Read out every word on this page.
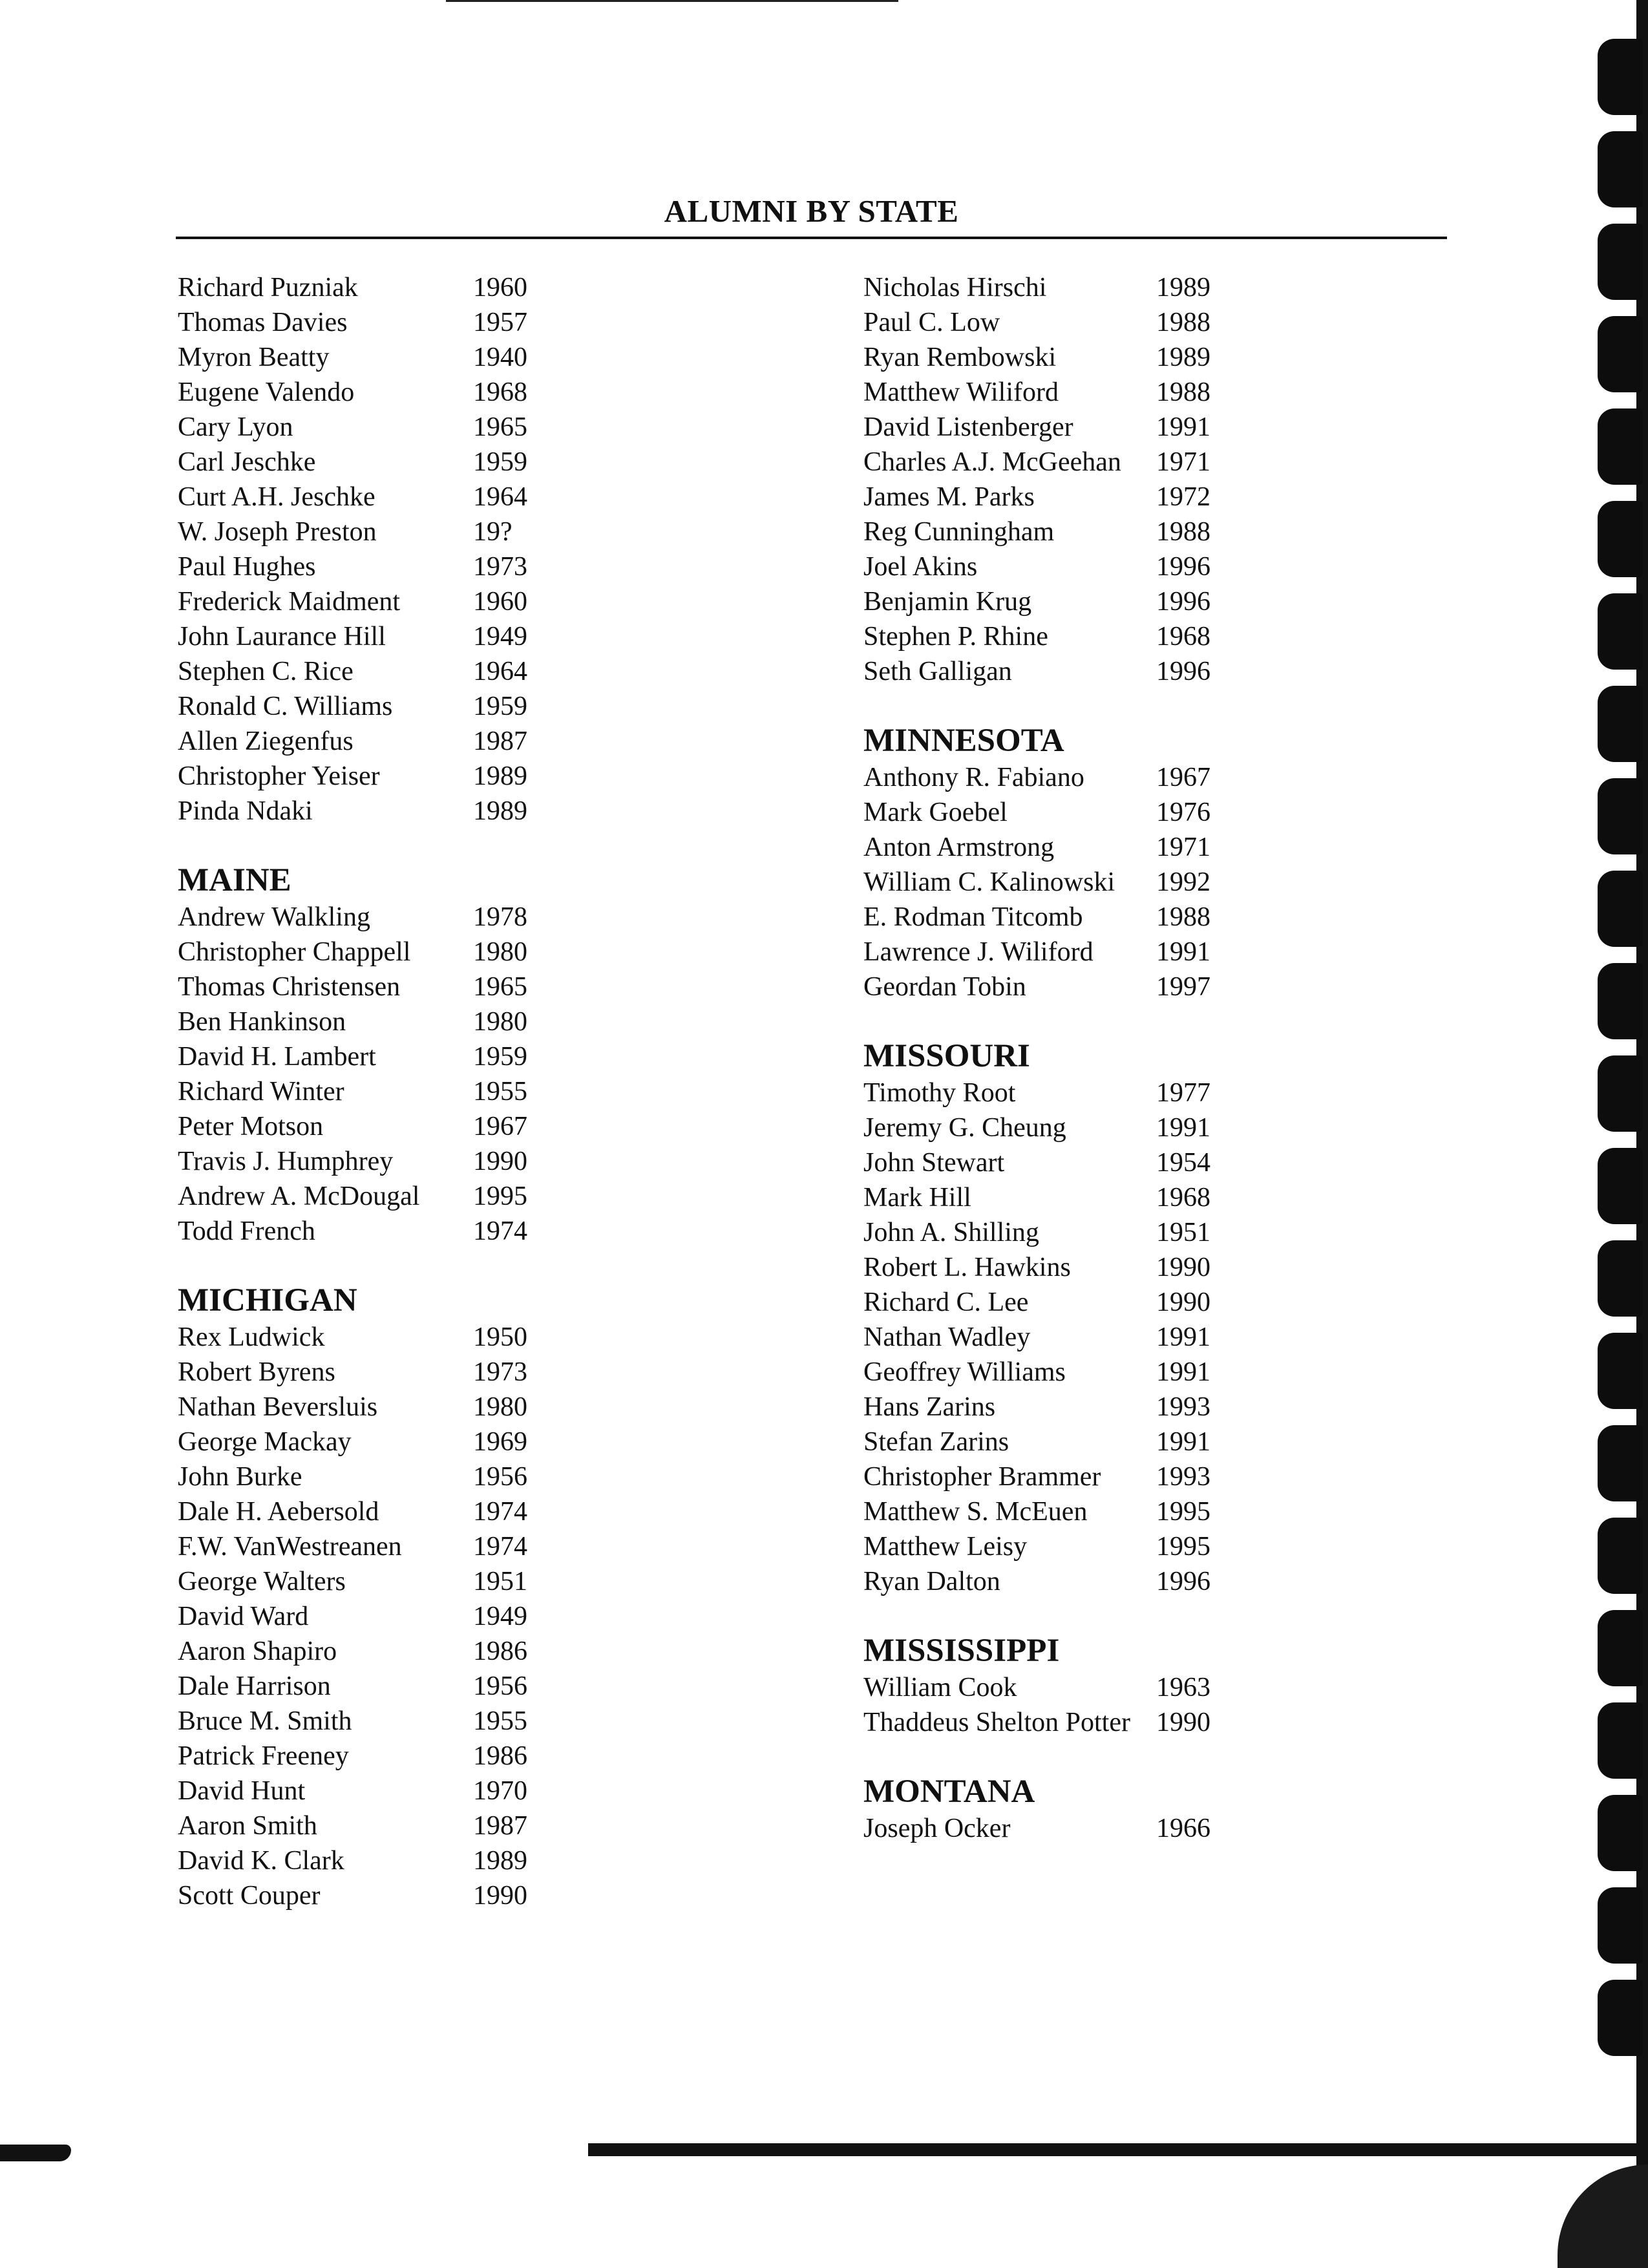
ALUMNI BY STATE
Richard Puzniak	1960
Thomas Davies	1957
Myron Beatty	1940
Eugene Valendo	1968
Cary Lyon	1965
Carl Jeschke	1959
Curt A.H. Jeschke	1964
W. Joseph Preston	19?
Paul Hughes	1973
Frederick Maidment	1960
John Laurance Hill	1949
Stephen C. Rice	1964
Ronald C. Williams	1959
Allen Ziegenfus	1987
Christopher Yeiser	1989
Pinda Ndaki	1989
MAINE
Andrew Walkling	1978
Christopher Chappell	1980
Thomas Christensen	1965
Ben Hankinson	1980
David H. Lambert	1959
Richard Winter	1955
Peter Motson	1967
Travis J. Humphrey	1990
Andrew A. McDougal	1995
Todd French	1974
MICHIGAN
Rex Ludwick	1950
Robert Byrens	1973
Nathan Beversluis	1980
George Mackay	1969
John Burke	1956
Dale H. Aebersold	1974
F.W. VanWestreanen	1974
George Walters	1951
David Ward	1949
Aaron Shapiro	1986
Dale Harrison	1956
Bruce M. Smith	1955
Patrick Freeney	1986
David Hunt	1970
Aaron Smith	1987
David K. Clark	1989
Scott Couper	1990
Nicholas Hirschi	1989
Paul C. Low	1988
Ryan Rembowski	1989
Matthew Wiliford	1988
David Listenberger	1991
Charles A.J. McGeehan	1971
James M. Parks	1972
Reg Cunningham	1988
Joel Akins	1996
Benjamin Krug	1996
Stephen P. Rhine	1968
Seth Galligan	1996
MINNESOTA
Anthony R. Fabiano	1967
Mark Goebel	1976
Anton Armstrong	1971
William C. Kalinowski	1992
E. Rodman Titcomb	1988
Lawrence J. Wiliford	1991
Geordan Tobin	1997
MISSOURI
Timothy Root	1977
Jeremy G. Cheung	1991
John Stewart	1954
Mark Hill	1968
John A. Shilling	1951
Robert L. Hawkins	1990
Richard C. Lee	1990
Nathan Wadley	1991
Geoffrey Williams	1991
Hans Zarins	1993
Stefan Zarins	1991
Christopher Brammer	1993
Matthew S. McEuen	1995
Matthew Leisy	1995
Ryan Dalton	1996
MISSISSIPPI
William Cook	1963
Thaddeus Shelton Potter 1990
MONTANA
Joseph Ocker	1966
